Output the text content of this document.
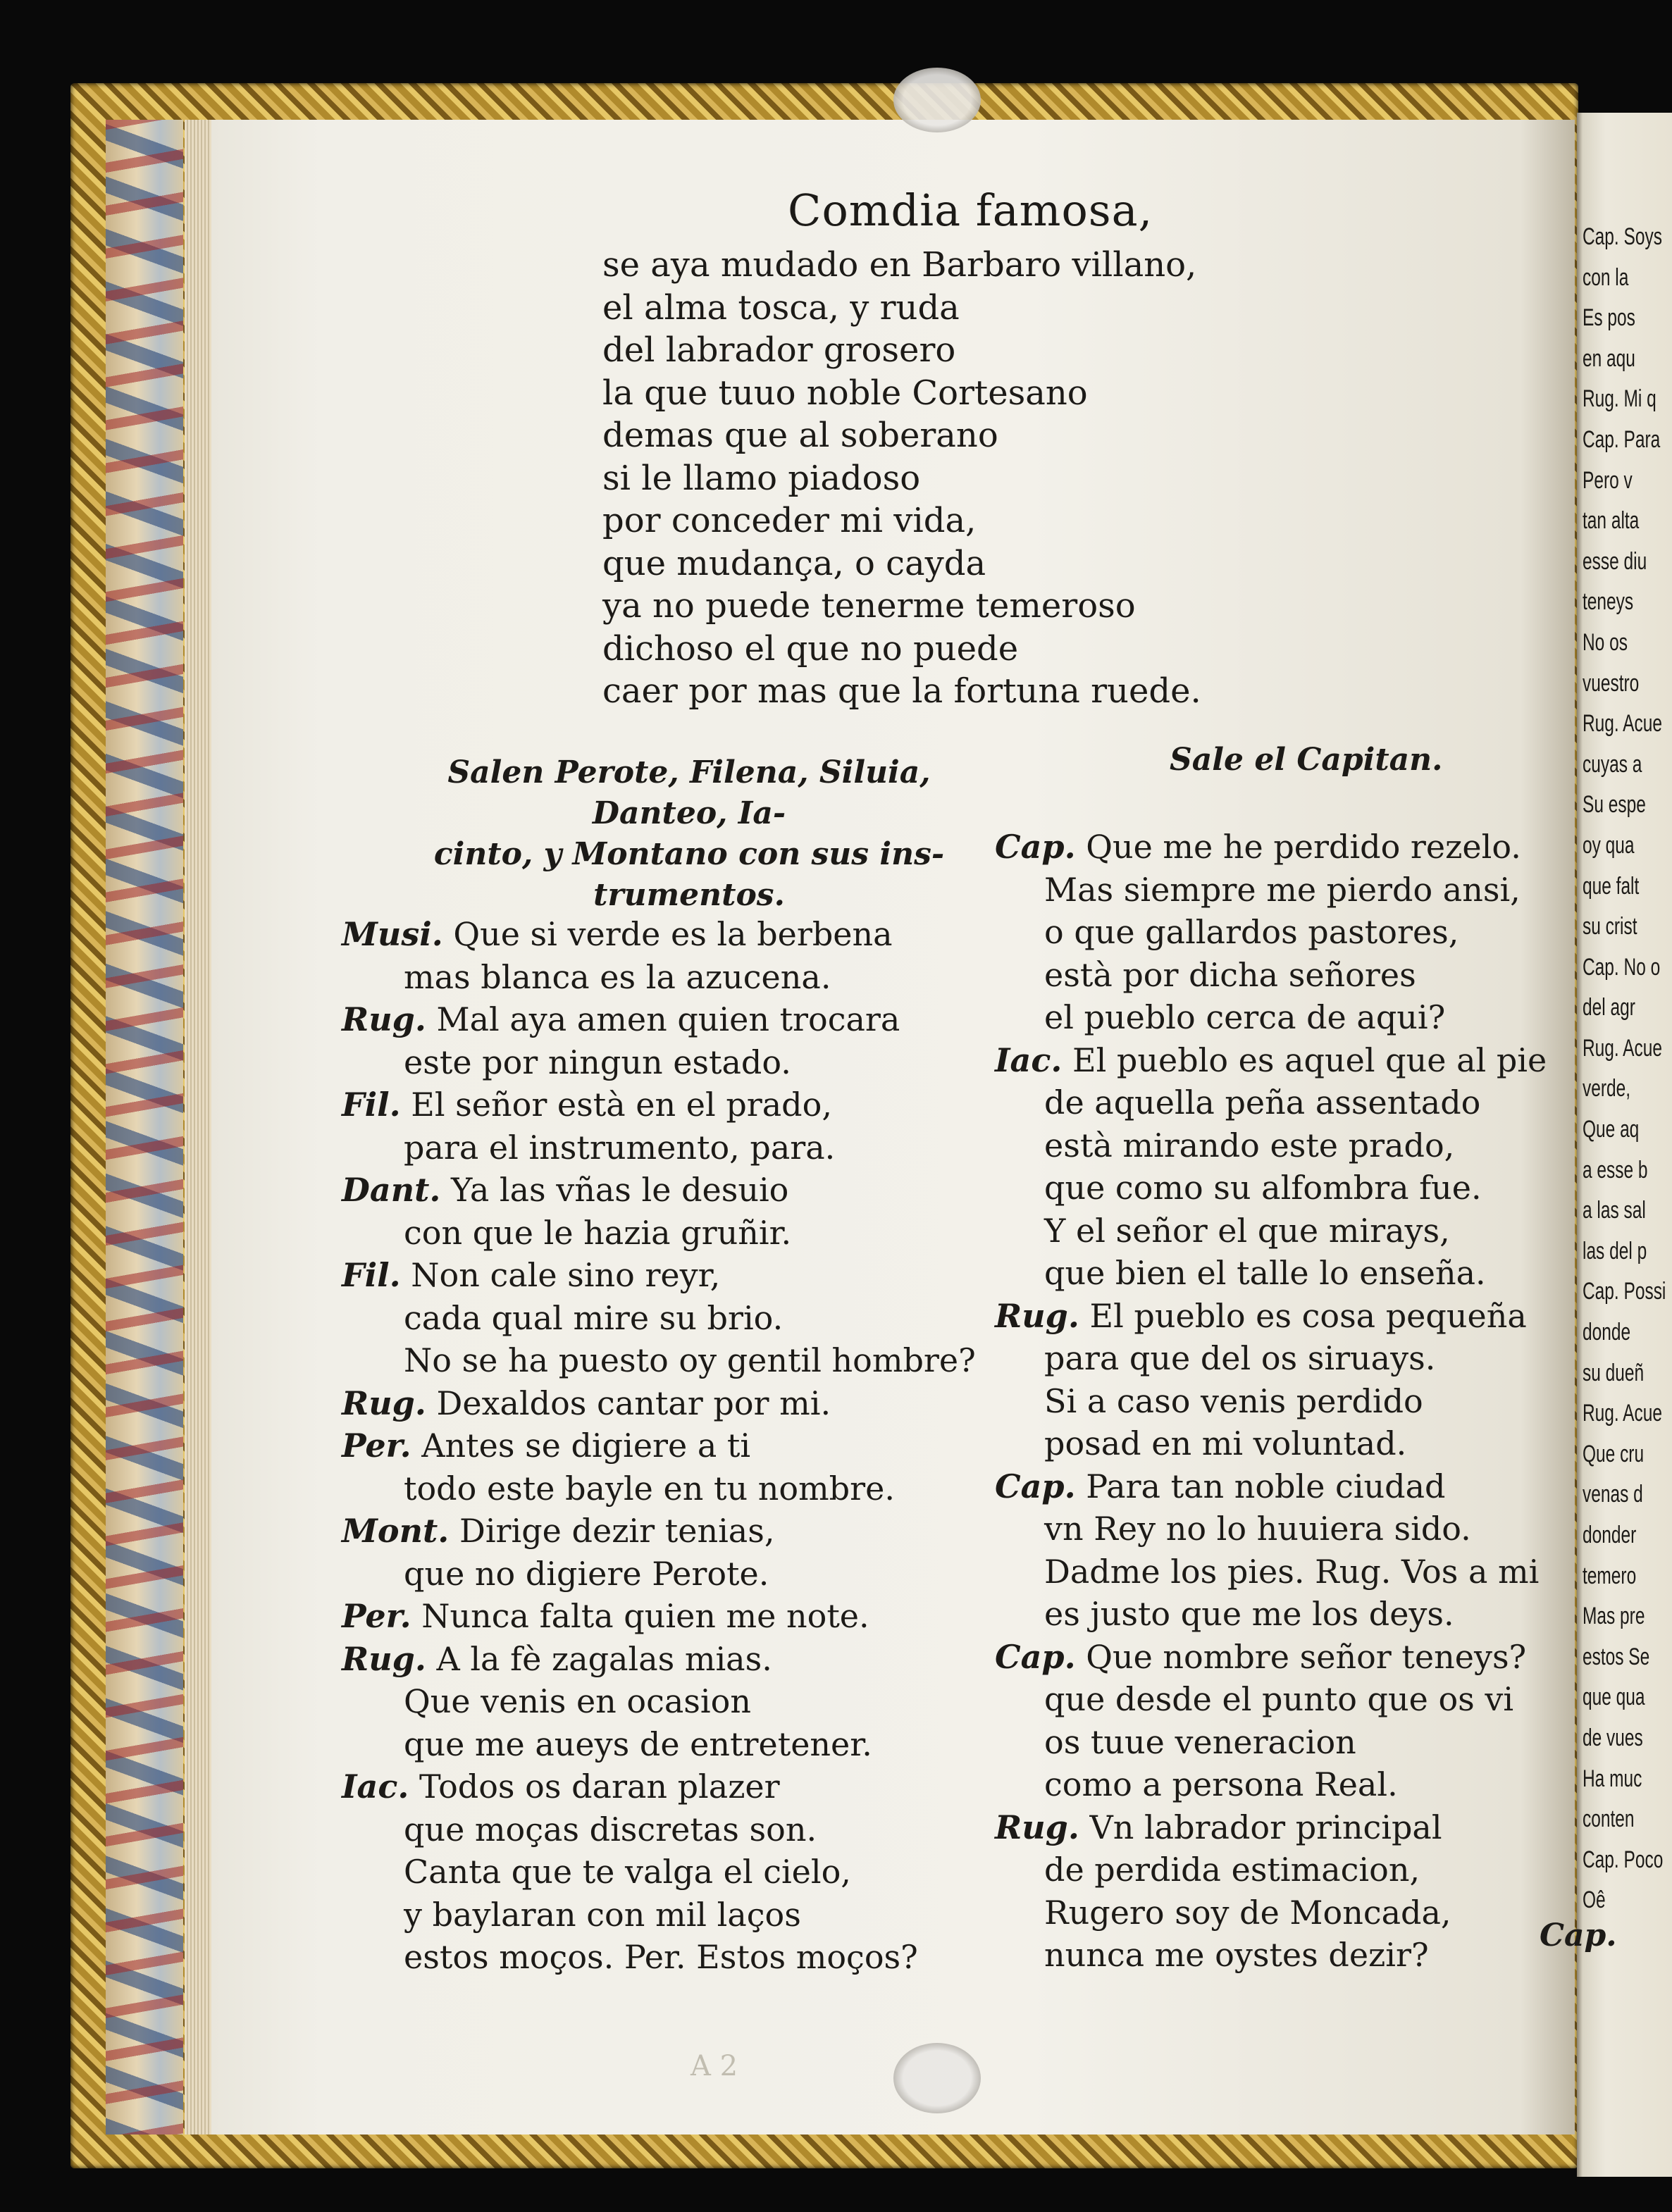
Cap. Soys
con la
Es pos
en aqu
Rug. Mi q
Cap. Para
Pero v
tan alta
esse diu
teneys
No os
vuestro
Rug. Acue
cuyas a
Su espe
oy qua
que falt
su crist
Cap. No o
del agr
Rug. Acue
verde,
Que aq
a esse b
a las sal
las del p
Cap. Possi
donde
su dueñ
Rug. Acue
Que cru
venas d
donder
temero
Mas pre
estos Se
que qua
de vues
Ha muc
conten
Cap. Poco
Oê
Comdia famosa,
se aya mudado en Barbaro villano,
el alma tosca, y ruda
del labrador grosero
la que tuuo noble Cortesano
demas que al soberano
si le llamo piadoso
por conceder mi vida,
que mudança, o cayda
ya no puede tenerme temeroso
dichoso el que no puede
caer por mas que la fortuna ruede.
Salen Perote, Filena, Siluia, Danteo, Ia-
cinto, y Montano con sus ins-
trumentos.
Sale el Capitan.
Musi. Que si verde es la berbena
mas blanca es la azucena.
Rug. Mal aya amen quien trocara
este por ningun estado.
Fil. El señor està en el prado,
para el instrumento, para.
Dant. Ya las vñas le desuio
con que le hazia gruñir.
Fil. Non cale sino reyr,
cada qual mire su brio.
No se ha puesto oy gentil hombre?
Rug. Dexaldos cantar por mi.
Per. Antes se digiere a ti
todo este bayle en tu nombre.
Mont. Dirige dezir tenias,
que no digiere Perote.
Per. Nunca falta quien me note.
Rug. A la fè zagalas mias.
Que venis en ocasion
que me aueys de entretener.
Iac. Todos os daran plazer
que moças discretas son.
Canta que te valga el cielo,
y baylaran con mil laços
estos moços. Per. Estos moços?
Cap. Que me he perdido rezelo.
Mas siempre me pierdo ansi,
o que gallardos pastores,
està por dicha señores
el pueblo cerca de aqui?
Iac. El pueblo es aquel que al pie
de aquella peña assentado
està mirando este prado,
que como su alfombra fue.
Y el señor el que mirays,
que bien el talle lo enseña.
Rug. El pueblo es cosa pequeña
para que del os siruays.
Si a caso venis perdido
posad en mi voluntad.
Cap. Para tan noble ciudad
vn Rey no lo huuiera sido.
Dadme los pies. Rug. Vos a mi
es justo que me los deys.
Cap. Que nombre señor teneys?
que desde el punto que os vi
os tuue veneracion
como a persona Real.
Rug. Vn labrador principal
de perdida estimacion,
Rugero soy de Moncada,
nunca me oystes dezir?
Cap.
A 2
